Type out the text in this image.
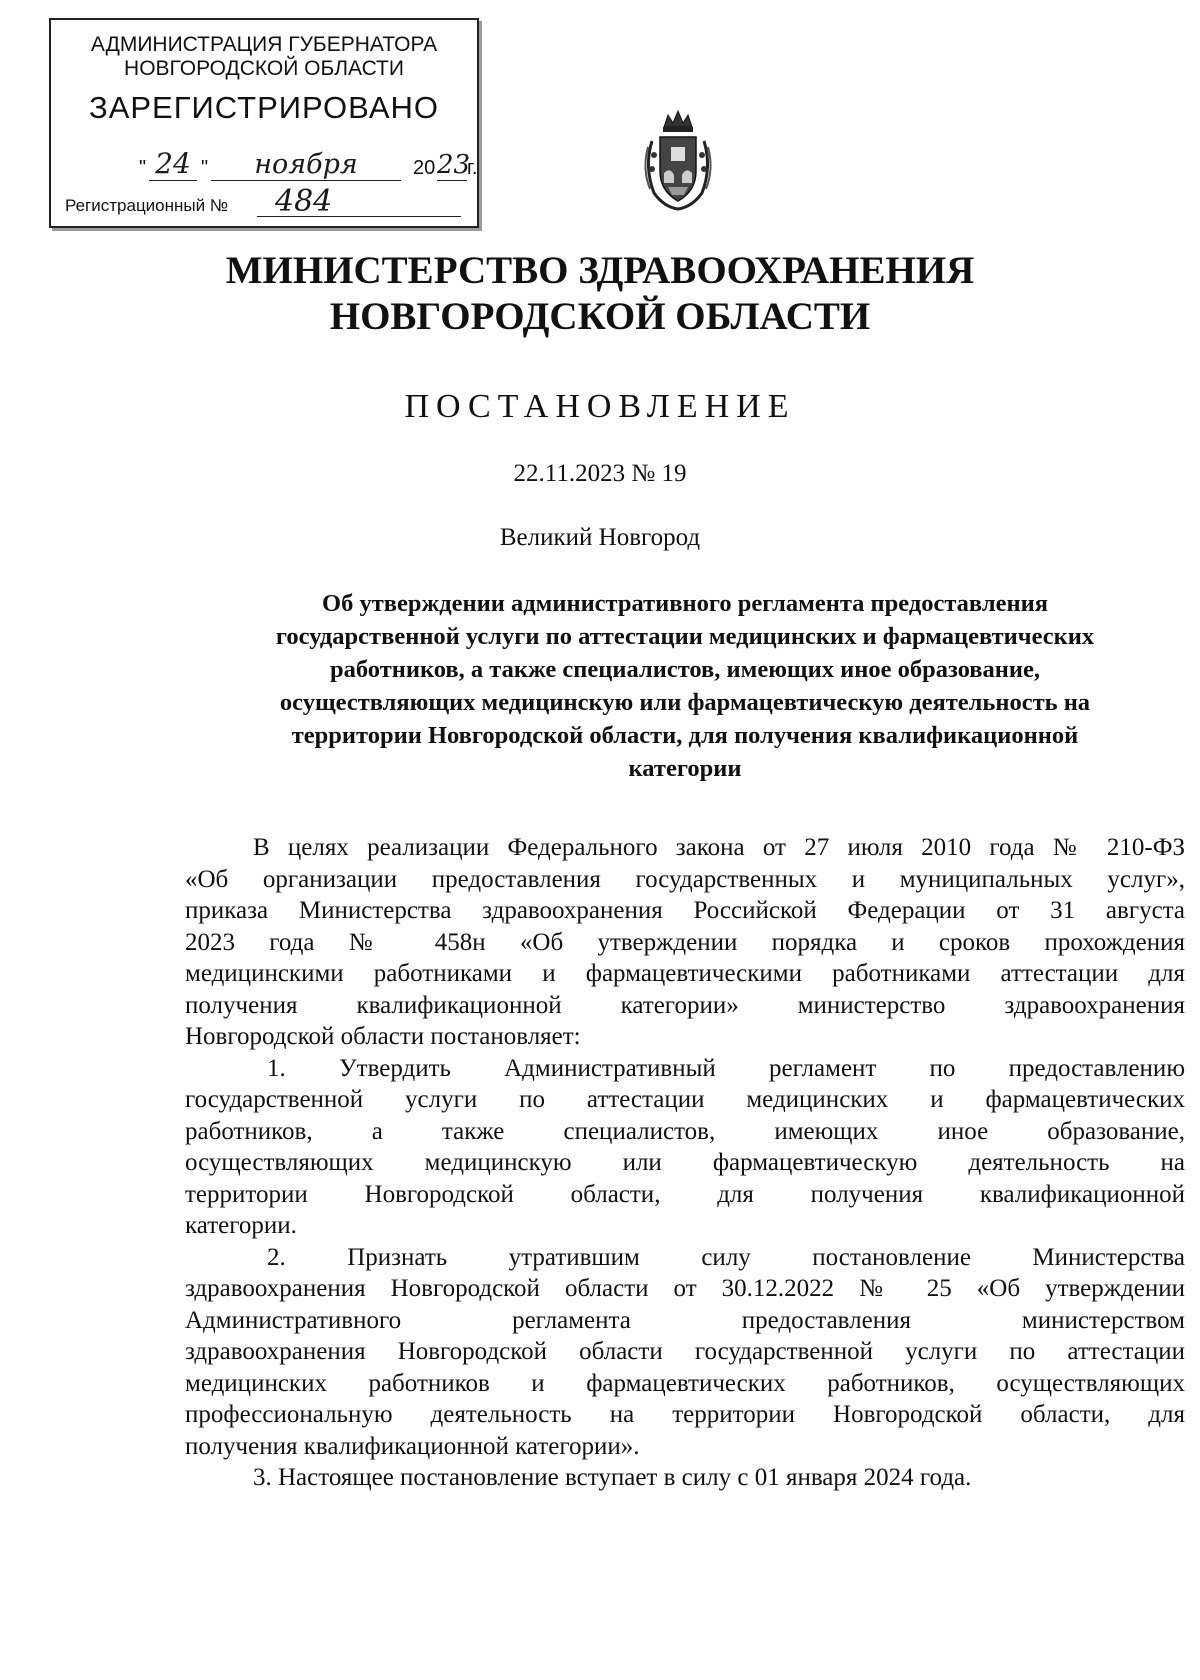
АДМИНИСТРАЦИЯ ГУБЕРНАТОРА
НОВГОРОДСКОЙ ОБЛАСТИ
ЗАРЕГИСТРИРОВАНО
" 24 "	ноября	20 23
г.
Регистрационный № 484
МИНИСТЕРСТВО ЗДРАВООХРАНЕНИЯ
НОВГОРОДСКОЙ ОБЛАСТИ
ПОСТАНОВЛЕНИЕ
22.11.2023 № 19
Великий Новгород
Об утверждении административного регламента предоставления
государственной услуги по аттестации медицинских и фармацевтических
работников, а также специалистов, имеющих иное образование,
осуществляющих медицинскую или фармацевтическую деятельность на
территории Новгородской области, для получения квалификационной
категории
В целях реализации Федерального закона от 27 июля 2010 года № 210-ФЗ
«Об организации предоставления государственных и муниципальных услуг»,
приказа Министерства здравоохранения Российской Федерации от 31 августа
2023 года № 458н «Об утверждении порядка и сроков прохождения
медицинскими работниками и фармацевтическими работниками аттестации для
получения квалификационной категории» министерство здравоохранения
Новгородской области постановляет:
1. Утвердить Административный регламент по предоставлению
государственной услуги по аттестации медицинских и фармацевтических
работников, а также специалистов, имеющих иное образование,
осуществляющих медицинскую или фармацевтическую деятельность на
территории Новгородской области, для получения квалификационной
категории.
2. Признать утратившим силу постановление Министерства
здравоохранения Новгородской области от 30.12.2022 № 25 «Об утверждении
Административного регламента предоставления министерством
здравоохранения Новгородской области государственной услуги по аттестации
медицинских работников и фармацевтических работников, осуществляющих
профессиональную деятельность на территории Новгородской области, для
получения квалификационной категории».
3. Настоящее постановление вступает в силу с 01 января 2024 года.
